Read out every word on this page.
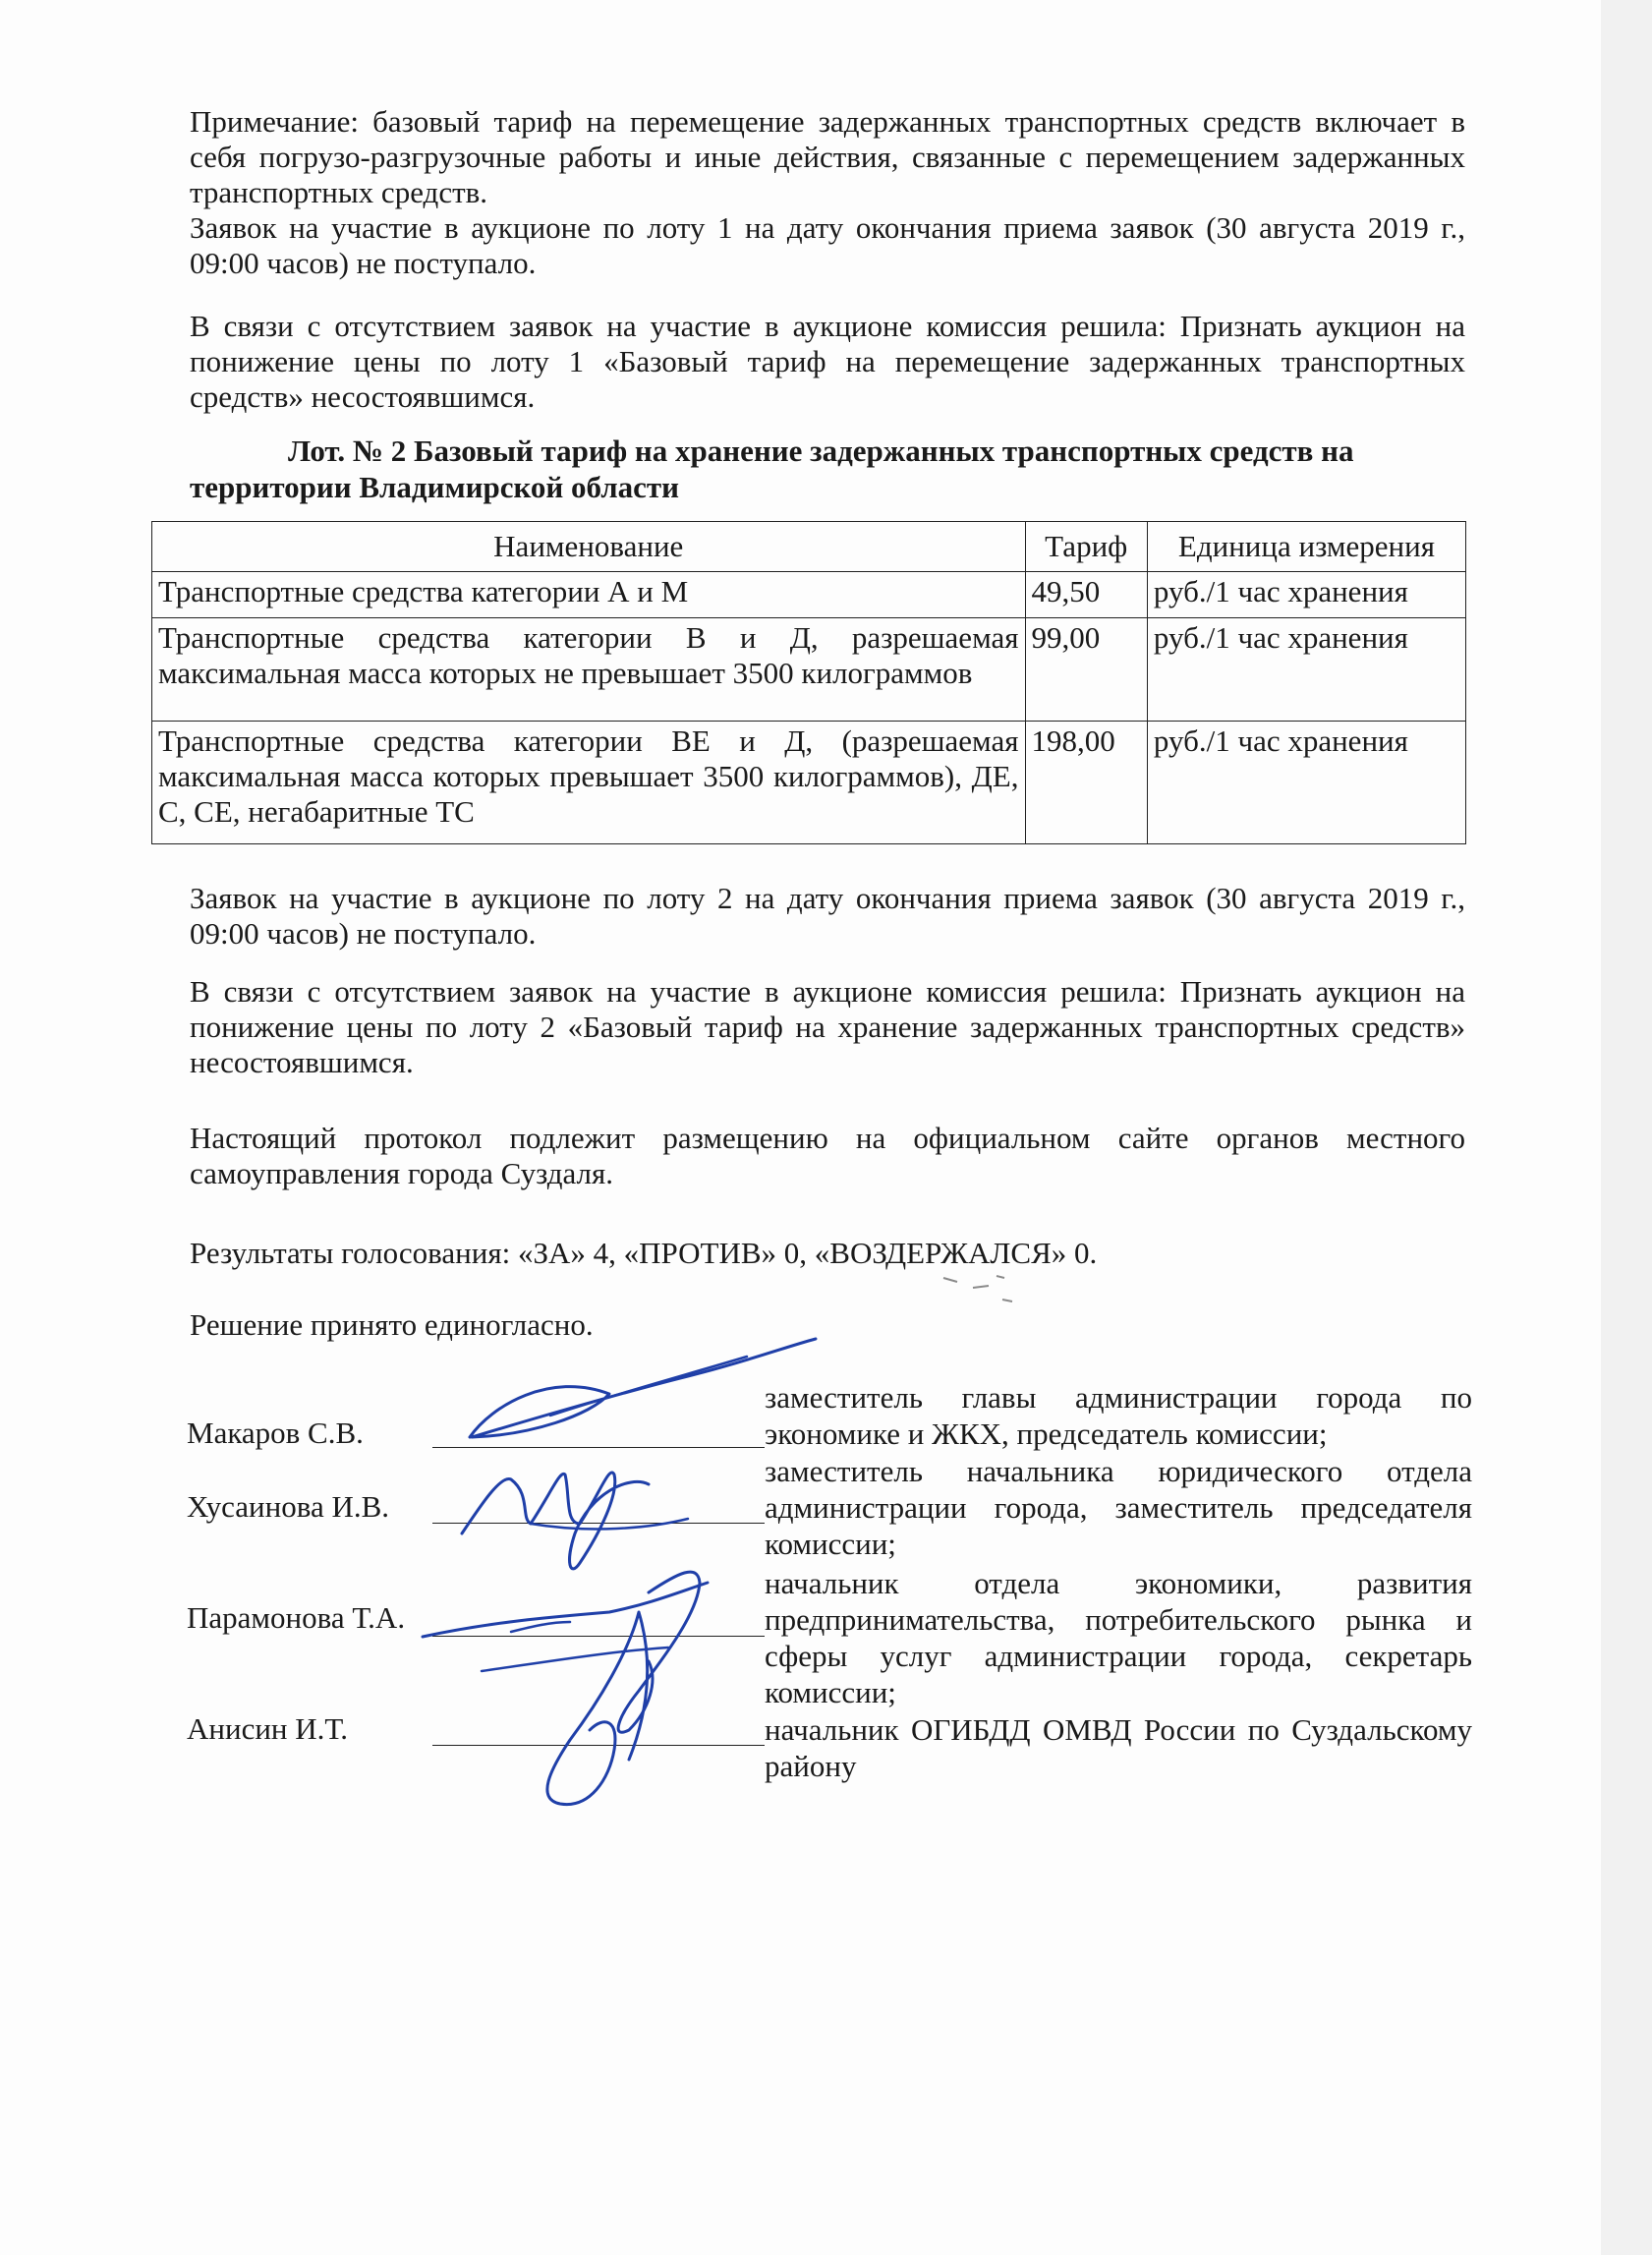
Примечание: базовый тариф на перемещение задержанных транспортных средств включает в себя погрузо-разгрузочные работы и иные действия, связанные с перемещением задержанных транспортных средств.
Заявок на участие в аукционе по лоту 1 на дату окончания приема заявок (30 августа 2019 г., 09:00 часов) не поступало.
В связи с отсутствием заявок на участие в аукционе комиссия решила: Признать аукцион на понижение цены по лоту 1 «Базовый тариф на перемещение задержанных транспортных средств» несостоявшимся.
Лот. № 2 Базовый тариф на хранение задержанных транспортных средств на территории Владимирской области
Наименование	Тариф	Единица измерения
Транспортные средства категории А и М	49,50	руб./1 час хранения
Транспортные средства категории В и Д, разрешаемая максимальная масса которых не превышает 3500 килограммов	99,00	руб./1 час хранения
Транспортные средства категории ВЕ и Д, (разрешаемая максимальная масса которых превышает 3500 килограммов), ДЕ, С, СЕ, негабаритные ТС	198,00	руб./1 час хранения
Заявок на участие в аукционе по лоту 2 на дату окончания приема заявок (30 августа 2019 г., 09:00 часов) не поступало.
В связи с отсутствием заявок на участие в аукционе комиссия решила: Признать аукцион на понижение цены по лоту 2 «Базовый тариф на хранение задержанных транспортных средств» несостоявшимся.
Настоящий протокол подлежит размещению на официальном сайте органов местного самоуправления города Суздаля.
Результаты голосования: «ЗА» 4, «ПРОТИВ» 0, «ВОЗДЕРЖАЛСЯ» 0.
Решение принято единогласно.
Макаров С.В.
заместитель главы администрации города по экономике и ЖКХ, председатель комиссии;
Хусаинова И.В.
заместитель начальника юридического отдела администрации города, заместитель председателя комиссии;
Парамонова Т.А.
начальник отдела экономики, развития предпринимательства, потребительского рынка и сферы услуг администрации города, секретарь комиссии;
Анисин И.Т.	начальник ОГИБДД ОМВД России по Суздальскому району
